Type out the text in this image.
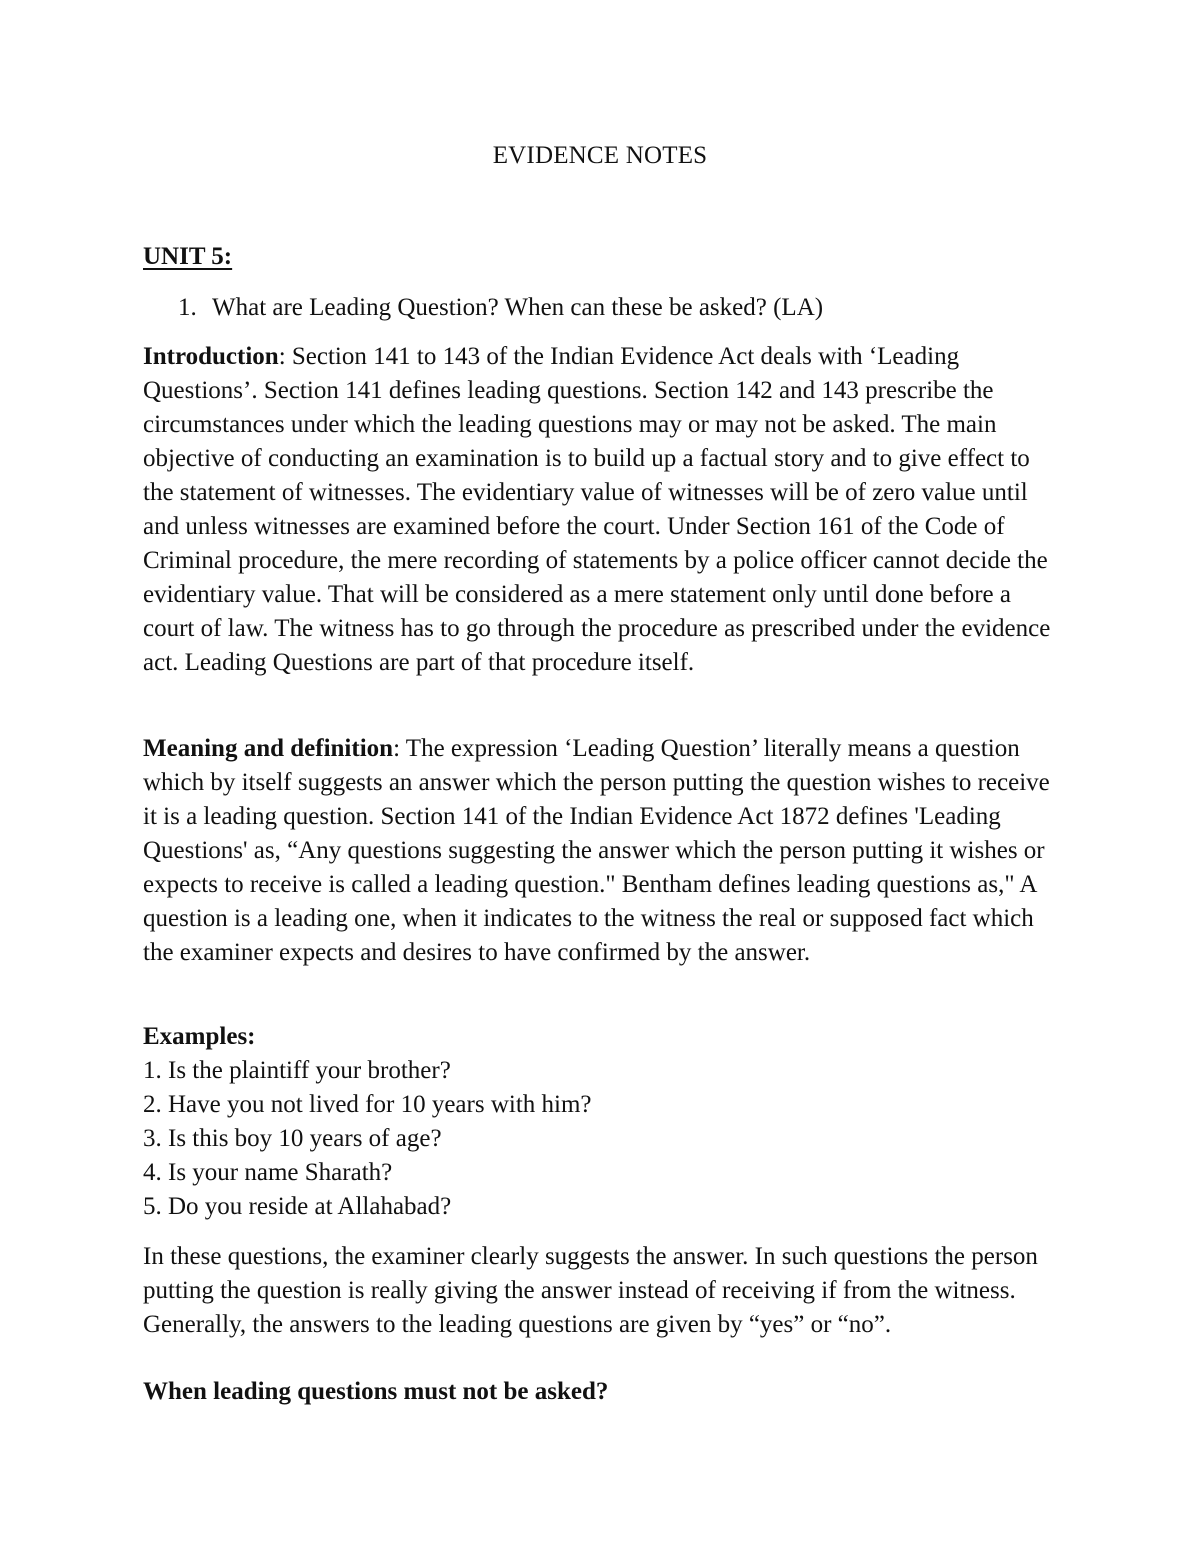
EVIDENCE NOTES
UNIT 5:
1. What are Leading Question? When can these be asked? (LA)

Introduction: Section 141 to 143 of the Indian Evidence Act deals with ‘Leading Questions’. Section 141 defines leading questions. Section 142 and 143 prescribe the circumstances under which the leading questions may or may not be asked. The main objective of conducting an examination is to build up a factual story and to give effect to the statement of witnesses. The evidentiary value of witnesses will be of zero value until and unless witnesses are examined before the court. Under Section 161 of the Code of Criminal procedure, the mere recording of statements by a police officer cannot decide the evidentiary value. That will be considered as a mere statement only until done before a court of law. The witness has to go through the procedure as prescribed under the evidence act. Leading Questions are part of that procedure itself.

Meaning and definition: The expression ‘Leading Question’ literally means a question which by itself suggests an answer which the person putting the question wishes to receive it is a leading question. Section 141 of the Indian Evidence Act 1872 defines 'Leading Questions' as, “Any questions suggesting the answer which the person putting it wishes or expects to receive is called a leading question." Bentham defines leading questions as," A question is a leading one, when it indicates to the witness the real or supposed fact which the examiner expects and desires to have confirmed by the answer.

Examples:
1. Is the plaintiff your brother?
2. Have you not lived for 10 years with him?
3. Is this boy 10 years of age?
4. Is your name Sharath?
5. Do you reside at Allahabad?

In these questions, the examiner clearly suggests the answer. In such questions the person putting the question is really giving the answer instead of receiving if from the witness. Generally, the answers to the leading questions are given by “yes” or “no”.

When leading questions must not be asked?
